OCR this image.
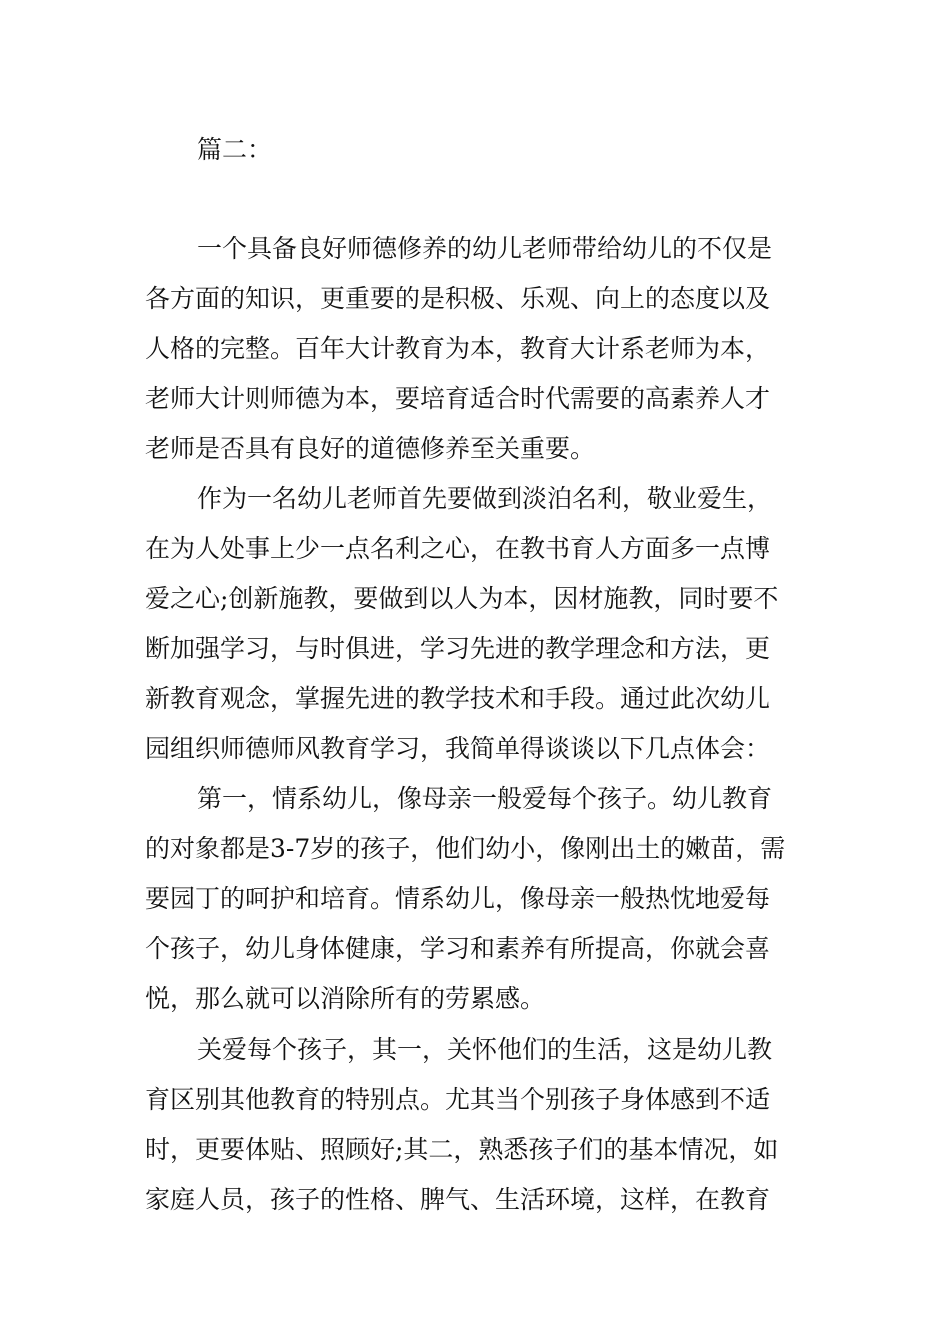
篇二：
一个具备良好师德修养的幼儿老师带给幼儿的不仅是
各方面的知识，更重要的是积极、乐观、向上的态度以及
人格的完整。百年大计教育为本，教育大计系老师为本，
老师大计则师德为本，要培育适合时代需要的高素养人才
老师是否具有良好的道德修养至关重要。
作为一名幼儿老师首先要做到淡泊名利，敬业爱生，
在为人处事上少一点名利之心，在教书育人方面多一点博
爱之心;创新施教，要做到以人为本，因材施教，同时要不
断加强学习，与时俱进，学习先进的教学理念和方法，更
新教育观念，掌握先进的教学技术和手段。通过此次幼儿
园组织师德师风教育学习，我简单得谈谈以下几点体会：
第一，情系幼儿，像母亲一般爱每个孩子。幼儿教育
的对象都是3-7岁的孩子，他们幼小，像刚出土的嫩苗，需
要园丁的呵护和培育。情系幼儿，像母亲一般热忱地爱每
个孩子，幼儿身体健康，学习和素养有所提高，你就会喜
悦，那么就可以消除所有的劳累感。
关爱每个孩子，其一，关怀他们的生活，这是幼儿教
育区别其他教育的特别点。尤其当个别孩子身体感到不适
时，更要体贴、照顾好;其二，熟悉孩子们的基本情况，如
家庭人员，孩子的性格、脾气、生活环境，这样，在教育
